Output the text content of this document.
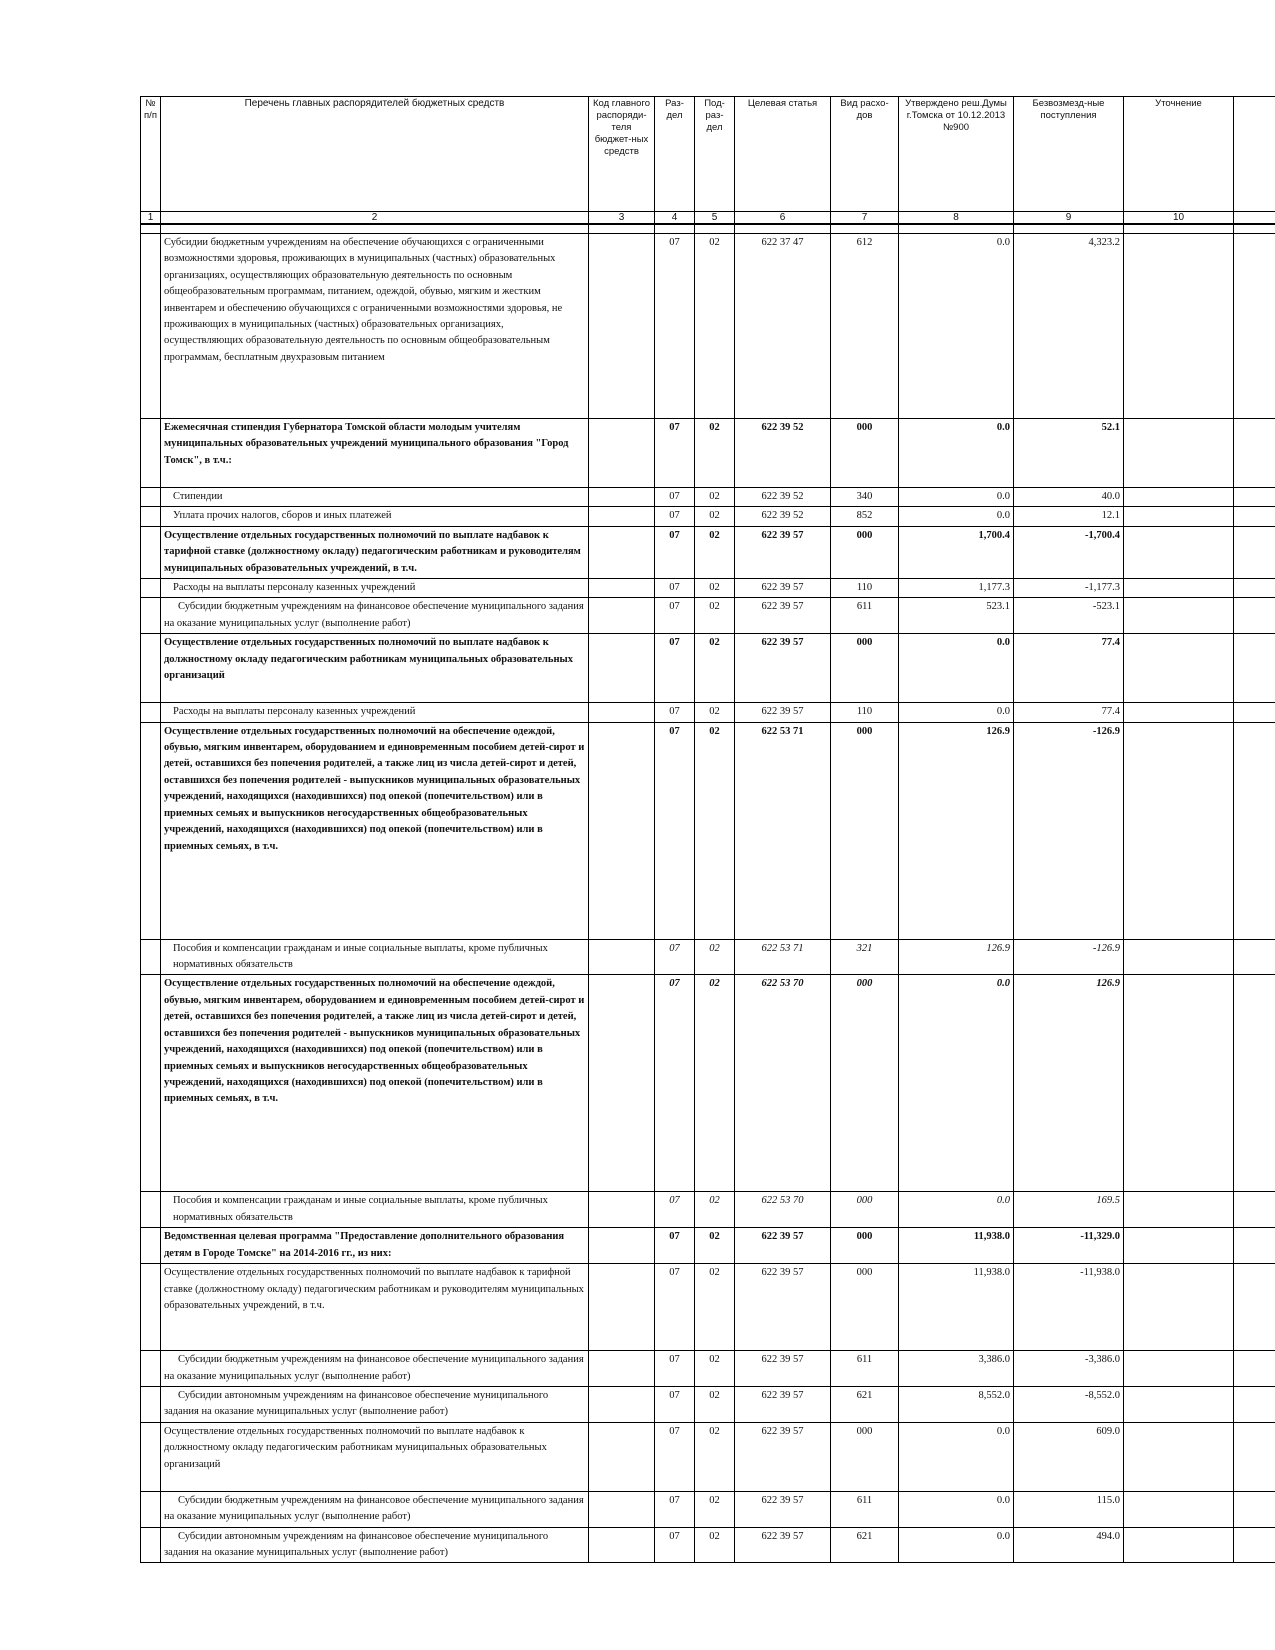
№ п/п	Перечень главных распорядителей бюджетных средств	Код главного распоряди-теля бюджет-ных средств	Раз-дел	Под-раз-дел	Целевая статья	Вид расхо-дов	Утверждено реш.Думы г.Томска от 10.12.2013 №900	Безвозмезд-ные поступления	Уточнение	
1	2	3	4	5	6	7	8	9	10	

	Субсидии бюджетным учреждениям на обеспечение обучающихся с ограниченными возможностями здоровья, проживающих в муниципальных (частных) образовательных организациях, осуществляющих образовательную деятельность по основным общеобразовательным программам, питанием, одеждой, обувью, мягким и жестким инвентарем и обеспечению обучающихся с ограниченными возможностями здоровья, не проживающих в муниципальных (частных) образовательных организациях, осуществляющих образовательную деятельность по основным общеобразовательным программам, бесплатным двухразовым питанием		07	02	622 37 47	612	0.0	4,323.2		
	Ежемесячная стипендия Губернатора Томской области молодым учителям муниципальных образовательных учреждений муниципального образования "Город Томск", в т.ч.:		07	02	622 39 52	000	0.0	52.1		
	Стипендии		07	02	622 39 52	340	0.0	40.0		
	Уплата прочих налогов, сборов и иных платежей		07	02	622 39 52	852	0.0	12.1		
	Осуществление отдельных государственных полномочий по выплате надбавок к тарифной ставке (должностному окладу) педагогическим работникам и руководителям муниципальных образовательных учреждений, в т.ч.		07	02	622 39 57	000	1,700.4	-1,700.4		
	Расходы на выплаты персоналу казенных учреждений		07	02	622 39 57	110	1,177.3	-1,177.3		
	Субсидии бюджетным учреждениям на финансовое обеспечение муниципального задания на оказание муниципальных услуг (выполнение работ)		07	02	622 39 57	611	523.1	-523.1		
	Осуществление отдельных государственных полномочий по выплате надбавок к должностному окладу педагогическим работникам муниципальных образовательных организаций		07	02	622 39 57	000	0.0	77.4		
	Расходы на выплаты персоналу казенных учреждений		07	02	622 39 57	110	0.0	77.4		
	Осуществление отдельных государственных полномочий на обеспечение одеждой, обувью, мягким инвентарем, оборудованием и единовременным пособием детей-сирот и детей, оставшихся без попечения родителей, а также лиц из числа детей-сирот и детей, оставшихся без попечения родителей - выпускников муниципальных образовательных учреждений, находящихся (находившихся) под опекой (попечительством) или в приемных семьях и выпускников негосударственных общеобразовательных учреждений, находящихся (находившихся) под опекой (попечительством) или в приемных семьях, в т.ч.		07	02	622 53 71	000	126.9	-126.9		
	Пособия и компенсации гражданам и иные социальные выплаты, кроме публичных нормативных обязательств		07	02	622 53 71	321	126.9	-126.9		
	Осуществление отдельных государственных полномочий на обеспечение одеждой, обувью, мягким инвентарем, оборудованием и единовременным пособием детей-сирот и детей, оставшихся без попечения родителей, а также лиц из числа детей-сирот и детей, оставшихся без попечения родителей - выпускников муниципальных образовательных учреждений, находящихся (находившихся) под опекой (попечительством) или в приемных семьях и выпускников негосударственных общеобразовательных учреждений, находящихся (находившихся) под опекой (попечительством) или в приемных семьях, в т.ч.		07	02	622 53 70	000	0.0	126.9		
	Пособия и компенсации гражданам и иные социальные выплаты, кроме публичных нормативных обязательств		07	02	622 53 70	000	0.0	169.5		
	Ведомственная целевая программа "Предоставление дополнительного образования детям в Городе Томске" на 2014-2016 гг., из них:		07	02	622 39 57	000	11,938.0	-11,329.0		
	Осуществление отдельных государственных полномочий по выплате надбавок к тарифной ставке (должностному окладу) педагогическим работникам и руководителям муниципальных образовательных учреждений, в т.ч.		07	02	622 39 57	000	11,938.0	-11,938.0		
	Субсидии бюджетным учреждениям на финансовое обеспечение муниципального задания на оказание муниципальных услуг (выполнение работ)		07	02	622 39 57	611	3,386.0	-3,386.0		
	Субсидии автономным учреждениям на финансовое обеспечение муниципального задания на оказание муниципальных услуг (выполнение работ)		07	02	622 39 57	621	8,552.0	-8,552.0		
	Осуществление отдельных государственных полномочий по выплате надбавок к должностному окладу педагогическим работникам муниципальных образовательных организаций		07	02	622 39 57	000	0.0	609.0		
	Субсидии бюджетным учреждениям на финансовое обеспечение муниципального задания на оказание муниципальных услуг (выполнение работ)		07	02	622 39 57	611	0.0	115.0		
	Субсидии автономным учреждениям на финансовое обеспечение муниципального задания на оказание муниципальных услуг (выполнение работ)		07	02	622 39 57	621	0.0	494.0		
